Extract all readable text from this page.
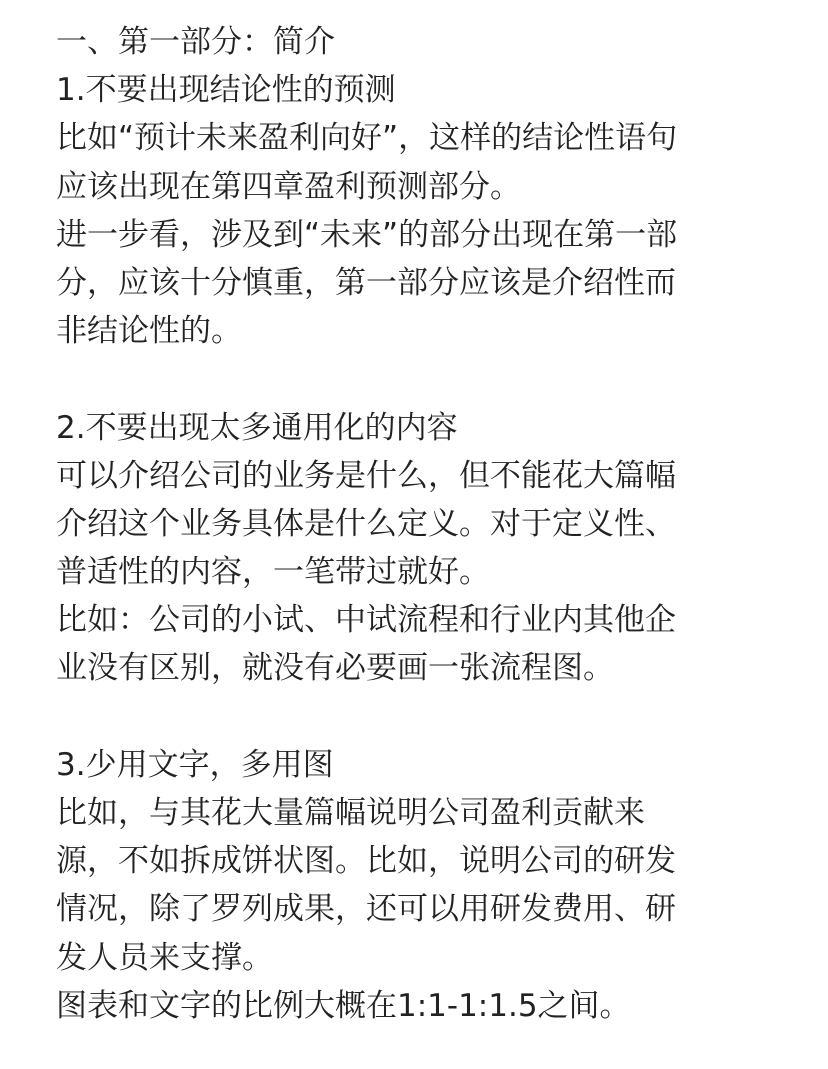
一、第一部分：简介
1.不要出现结论性的预测
比如“预计未来盈利向好”，这样的结论性语句
应该出现在第四章盈利预测部分。
进一步看，涉及到“未来”的部分出现在第一部
分，应该十分慎重，第一部分应该是介绍性而
非结论性的。
2.不要出现太多通用化的内容
可以介绍公司的业务是什么，但不能花大篇幅
介绍这个业务具体是什么定义。对于定义性、
普适性的内容，一笔带过就好。
比如：公司的小试、中试流程和行业内其他企
业没有区别，就没有必要画一张流程图。
3.少用文字，多用图
比如，与其花大量篇幅说明公司盈利贡献来
源，不如拆成饼状图。比如，说明公司的研发
情况，除了罗列成果，还可以用研发费用、研
发人员来支撑。
图表和文字的比例大概在1:1-1:1.5之间。
